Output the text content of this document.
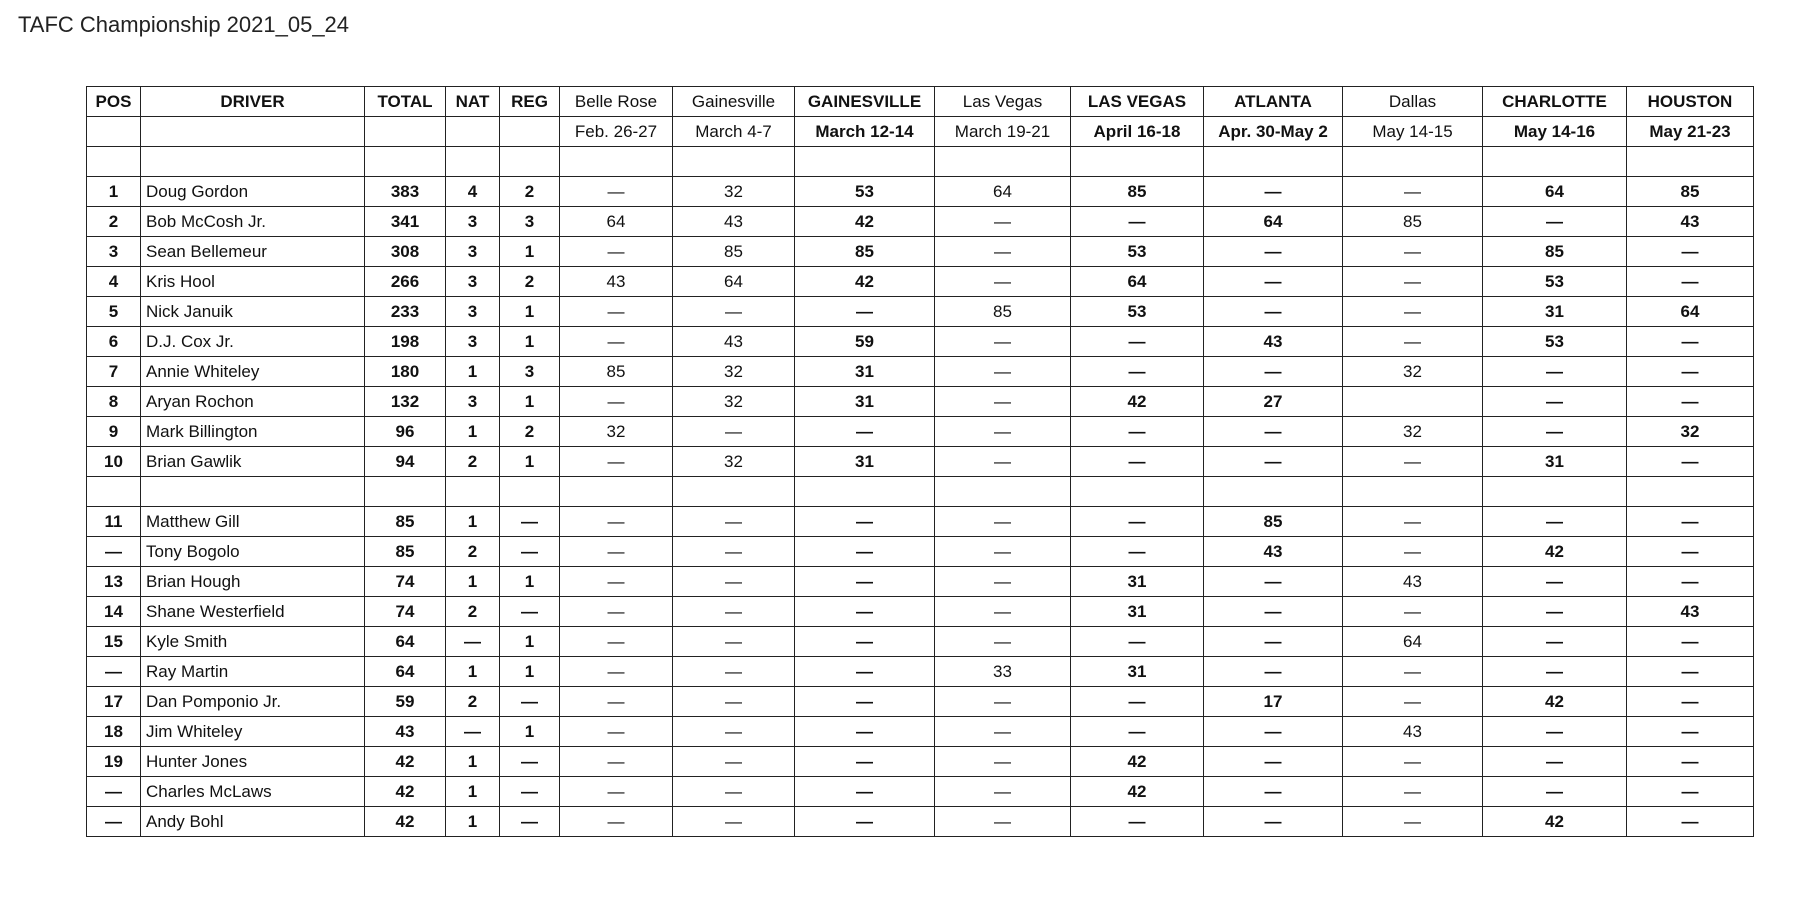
TAFC Championship 2021_05_24
POS	DRIVER	TOTAL	NAT	REG	Belle Rose	Gainesville	GAINESVILLE	Las Vegas	LAS VEGAS	ATLANTA	Dallas	CHARLOTTE	HOUSTON
					Feb. 26-27	March 4-7	March 12-14	March 19-21	April 16-18	Apr. 30-May 2	May 14-15	May 14-16	May 21-23

1	Doug Gordon	383	4	2	—	32	53	64	85	—	—	64	85
2	Bob McCosh Jr.	341	3	3	64	43	42	—	—	64	85	—	43
3	Sean Bellemeur	308	3	1	—	85	85	—	53	—	—	85	—
4	Kris Hool	266	3	2	43	64	42	—	64	—	—	53	—
5	Nick Januik	233	3	1	—	—	—	85	53	—	—	31	64
6	D.J. Cox Jr.	198	3	1	—	43	59	—	—	43	—	53	—
7	Annie Whiteley	180	1	3	85	32	31	—	—	—	32	—	—
8	Aryan Rochon	132	3	1	—	32	31	—	42	27		—	—
9	Mark Billington	96	1	2	32	—	—	—	—	—	32	—	32
10	Brian Gawlik	94	2	1	—	32	31	—	—	—	—	31	—

11	Matthew Gill	85	1	—	—	—	—	—	—	85	—	—	—
—	Tony Bogolo	85	2	—	—	—	—	—	—	43	—	42	—
13	Brian Hough	74	1	1	—	—	—	—	31	—	43	—	—
14	Shane Westerfield	74	2	—	—	—	—	—	31	—	—	—	43
15	Kyle Smith	64	—	1	—	—	—	—	—	—	64	—	—
—	Ray Martin	64	1	1	—	—	—	33	31	—	—	—	—
17	Dan Pomponio Jr.	59	2	—	—	—	—	—	—	17	—	42	—
18	Jim Whiteley	43	—	1	—	—	—	—	—	—	43	—	—
19	Hunter Jones	42	1	—	—	—	—	—	42	—	—	—	—
—	Charles McLaws	42	1	—	—	—	—	—	42	—	—	—	—
—	Andy Bohl	42	1	—	—	—	—	—	—	—	—	42	—
